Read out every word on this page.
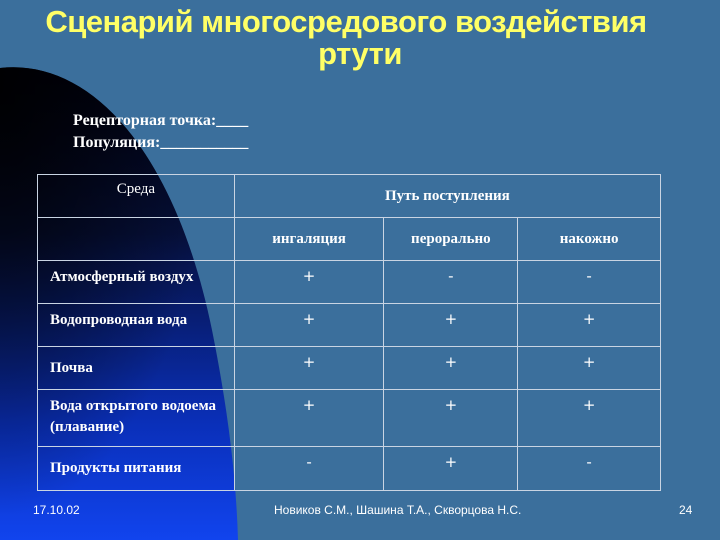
Сценарий многосредового воздействия
ртути
Рецепторная точка:____
Популяция:___________
Среда	Путь поступления		
	ингаляция	перорально	накожно
Атмосферный воздух	+	-	-
Водопроводная вода	+	+	+
Почва	+	+	+
Вода открытого водоема (плавание)	+	+	+
Продукты питания	-	+	-
17.10.02	Новиков С.М., Шашина Т.А., Скворцова Н.С.	24
